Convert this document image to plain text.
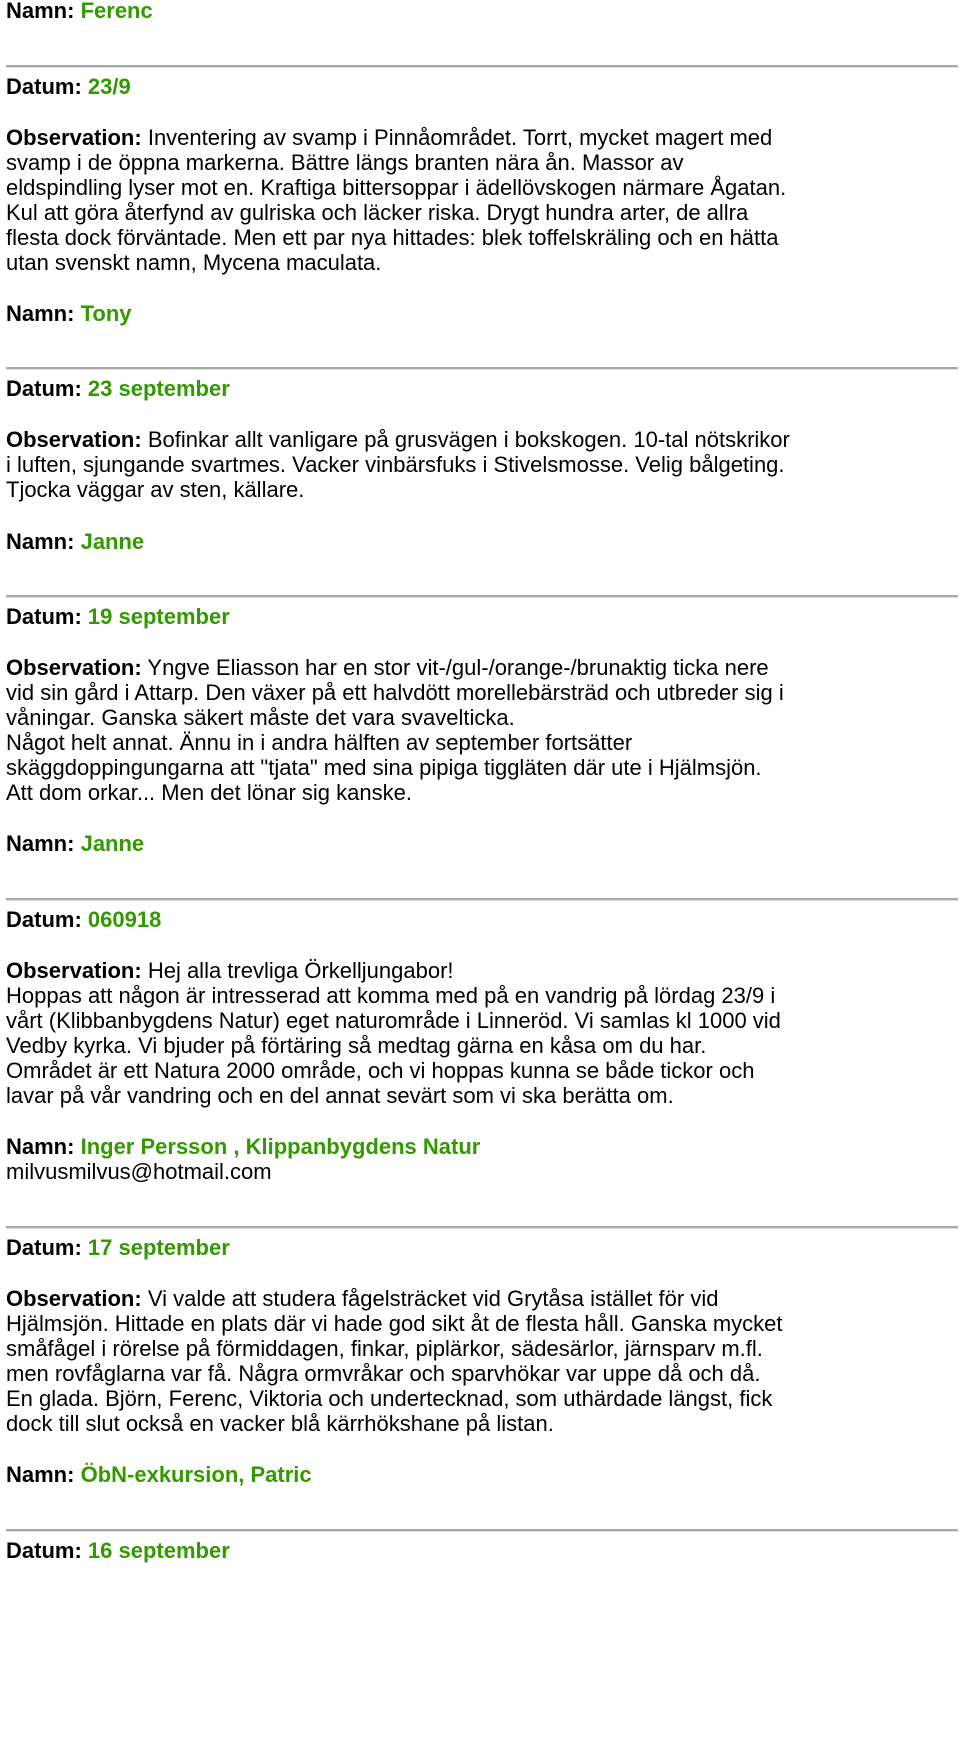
Namn: Ferenc
Datum: 23/9
Observation: Inventering av svamp i Pinnåområdet. Torrt, mycket magert med
svamp i de öppna markerna. Bättre längs branten nära ån. Massor av
eldspindling lyser mot en. Kraftiga bittersoppar i ädellövskogen närmare Ågatan.
Kul att göra återfynd av gulriska och läcker riska. Drygt hundra arter, de allra
flesta dock förväntade. Men ett par nya hittades: blek toffelskräling och en hätta
utan svenskt namn, Mycena maculata.
Namn: Tony
Datum: 23 september
Observation: Bofinkar allt vanligare på grusvägen i bokskogen. 10-tal nötskrikor
i luften, sjungande svartmes. Vacker vinbärsfuks i Stivelsmosse. Velig bålgeting.
Tjocka väggar av sten, källare.
Namn: Janne
Datum: 19 september
Observation: Yngve Eliasson har en stor vit-/gul-/orange-/brunaktig ticka nere
vid sin gård i Attarp. Den växer på ett halvdött morellebärsträd och utbreder sig i
våningar. Ganska säkert måste det vara svavelticka.
Något helt annat. Ännu in i andra hälften av september fortsätter
skäggdoppingungarna att "tjata" med sina pipiga tiggläten där ute i Hjälmsjön.
Att dom orkar... Men det lönar sig kanske.
Namn: Janne
Datum: 060918
Observation: Hej alla trevliga Örkelljungabor!
Hoppas att någon är intresserad att komma med på en vandrig på lördag 23/9 i
vårt (Klibbanbygdens Natur) eget naturområde i Linneröd. Vi samlas kl 1000 vid
Vedby kyrka. Vi bjuder på förtäring så medtag gärna en kåsa om du har.
Området är ett Natura 2000 område, och vi hoppas kunna se både tickor och
lavar på vår vandring och en del annat sevärt som vi ska berätta om.
Namn: Inger Persson , Klippanbygdens Natur
milvusmilvus@hotmail.com
Datum: 17 september
Observation: Vi valde att studera fågelsträcket vid Grytåsa istället för vid
Hjälmsjön. Hittade en plats där vi hade god sikt åt de flesta håll. Ganska mycket
småfågel i rörelse på förmiddagen, finkar, piplärkor, sädesärlor, järnsparv m.fl.
men rovfåglarna var få. Några ormvråkar och sparvhökar var uppe då och då.
En glada. Björn, Ferenc, Viktoria och undertecknad, som uthärdade längst, fick
dock till slut också en vacker blå kärrhökshane på listan.
Namn: ÖbN-exkursion, Patric
Datum: 16 september
